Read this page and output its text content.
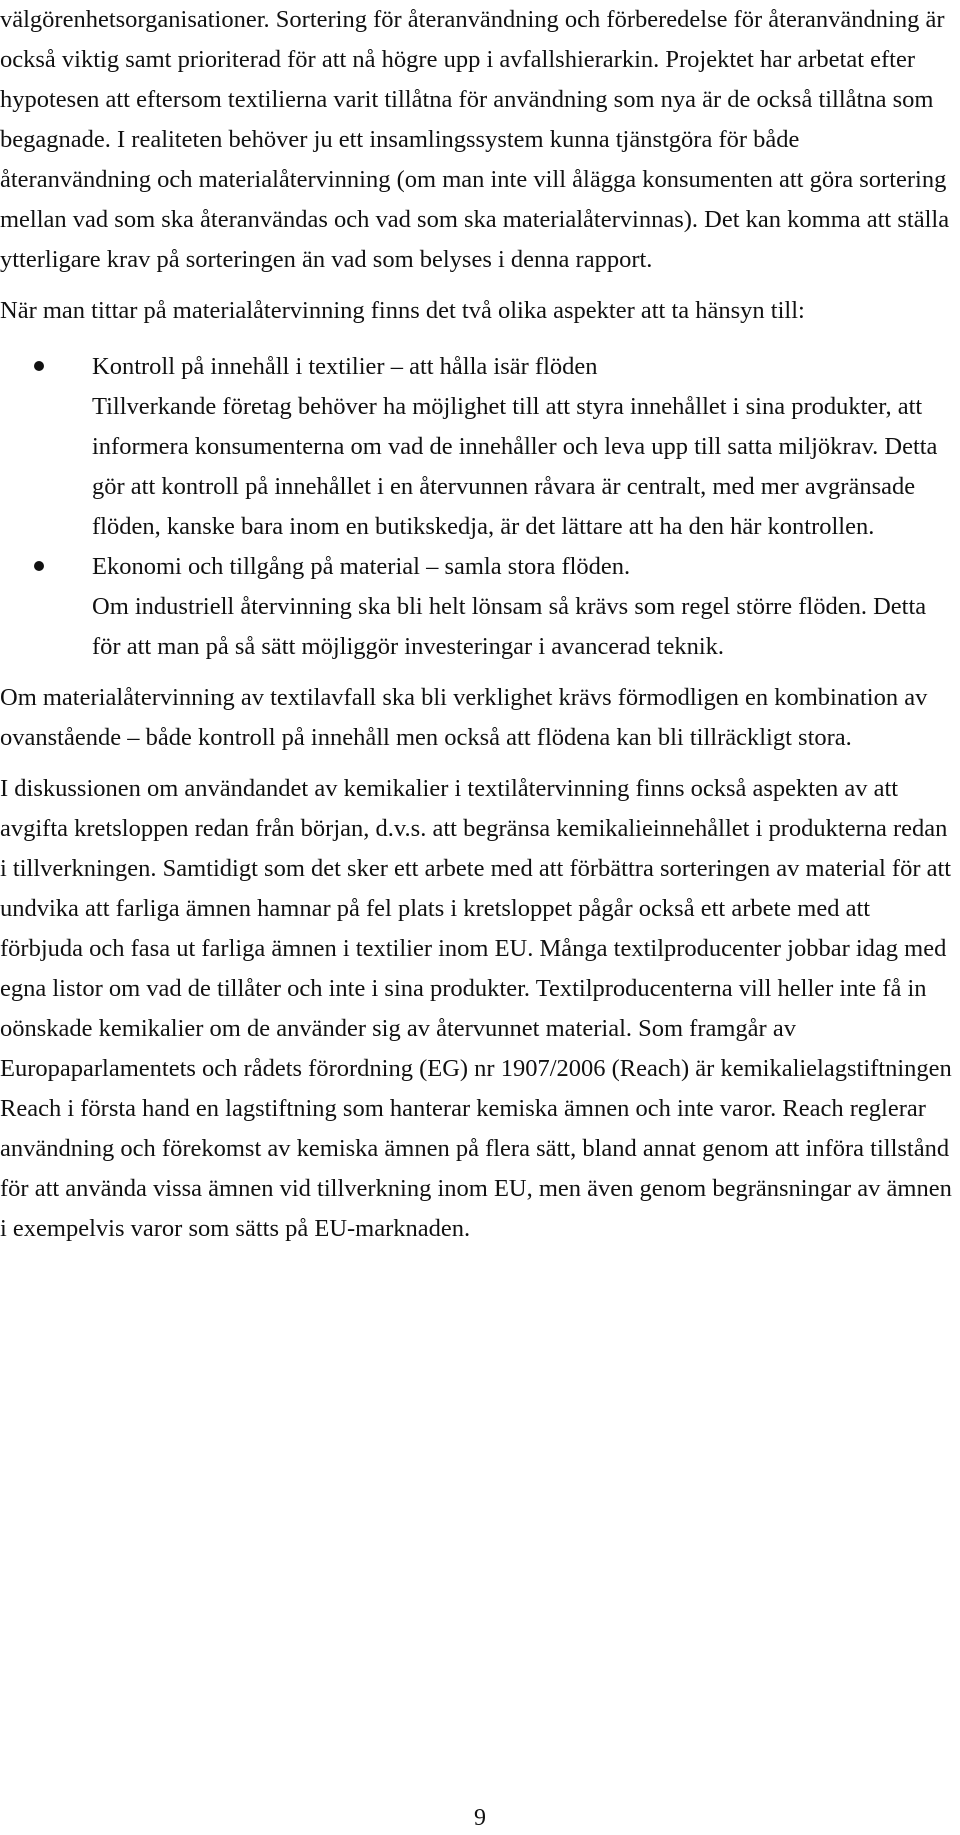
välgörenhetsorganisationer. Sortering för återanvändning och förberedelse för återanvändning är också viktig samt prioriterad för att nå högre upp i avfallshierarkin. Projektet har arbetat efter hypotesen att eftersom textilierna varit tillåtna för användning som nya är de också tillåtna som begagnade. I realiteten behöver ju ett insamlingssystem kunna tjänstgöra för både återanvändning och materialåtervinning (om man inte vill ålägga konsumenten att göra sortering mellan vad som ska återanvändas och vad som ska materialåtervinnas). Det kan komma att ställa ytterligare krav på sorteringen än vad som belyses i denna rapport.

När man tittar på materialåtervinning finns det två olika aspekter att ta hänsyn till:

Kontroll på innehåll i textilier – att hålla isär flöden
Tillverkande företag behöver ha möjlighet till att styra innehållet i sina produkter, att informera konsumenterna om vad de innehåller och leva upp till satta miljökrav. Detta gör att kontroll på innehållet i en återvunnen råvara är centralt, med mer avgränsade flöden, kanske bara inom en butikskedja, är det lättare att ha den här kontrollen.
Ekonomi och tillgång på material – samla stora flöden.
Om industriell återvinning ska bli helt lönsam så krävs som regel större flöden. Detta för att man på så sätt möjliggör investeringar i avancerad teknik.

Om materialåtervinning av textilavfall ska bli verklighet krävs förmodligen en kombination av ovanstående – både kontroll på innehåll men också att flödena kan bli tillräckligt stora.

I diskussionen om användandet av kemikalier i textilåtervinning finns också aspekten av att avgifta kretsloppen redan från början, d.v.s. att begränsa kemikalieinnehållet i produkterna redan i tillverkningen. Samtidigt som det sker ett arbete med att förbättra sorteringen av material för att undvika att farliga ämnen hamnar på fel plats i kretsloppet pågår också ett arbete med att förbjuda och fasa ut farliga ämnen i textilier inom EU. Många textilproducenter jobbar idag med egna listor om vad de tillåter och inte i sina produkter. Textilproducenterna vill heller inte få in oönskade kemikalier om de använder sig av återvunnet material. Som framgår av Europaparlamentets och rådets förordning (EG) nr 1907/2006 (Reach) är kemikalielagstiftningen Reach i första hand en lagstiftning som hanterar kemiska ämnen och inte varor. Reach reglerar användning och förekomst av kemiska ämnen på flera sätt, bland annat genom att införa tillstånd för att använda vissa ämnen vid tillverkning inom EU, men även genom begränsningar av ämnen i exempelvis varor som sätts på EU-marknaden.

9
